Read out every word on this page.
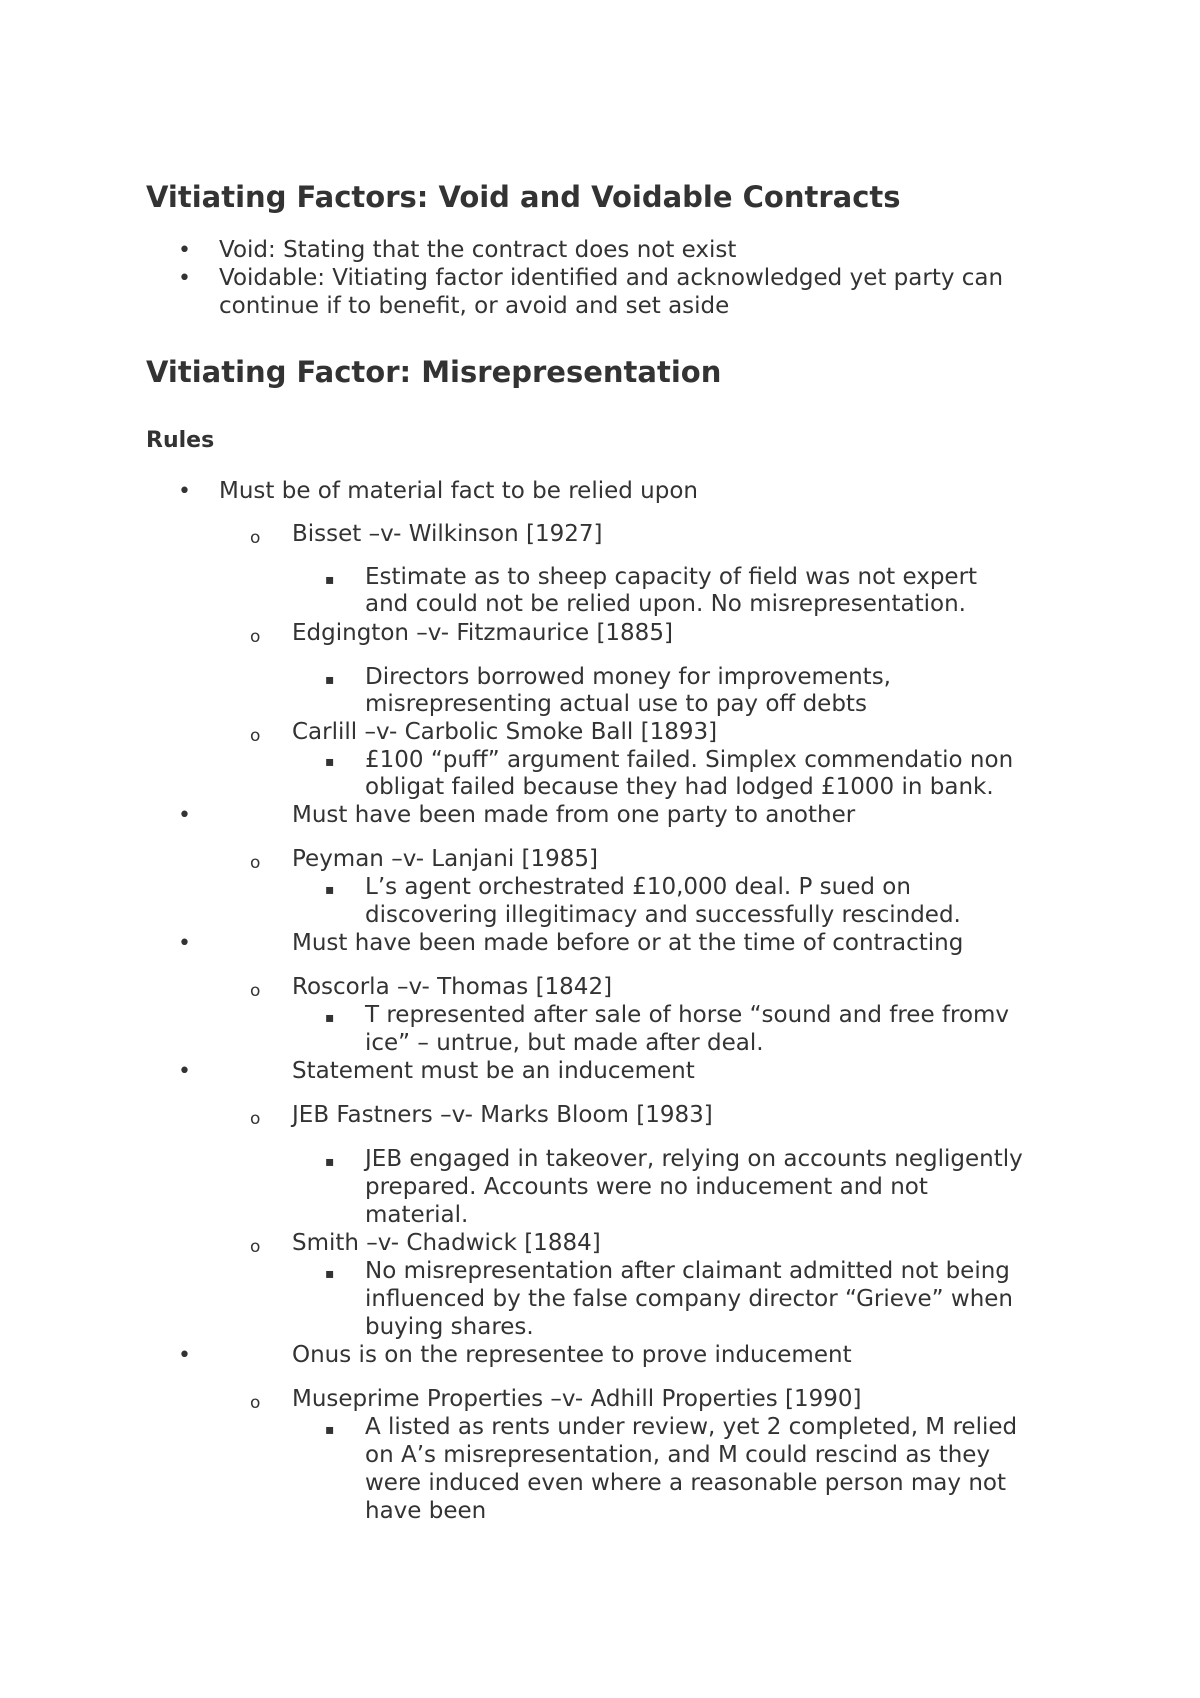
Vitiating Factors: Void and Voidable Contracts
• Void: Stating that the contract does not exist
• Voidable: Vitiating factor identified and acknowledged yet party can
continue if to benefit, or avoid and set aside
Vitiating Factor: Misrepresentation
Rules
• Must be of material fact to be relied upon
o Bisset –v- Wilkinson [1927]
▪ Estimate as to sheep capacity of field was not expert
and could not be relied upon. No misrepresentation.
o Edgington –v- Fitzmaurice [1885]
▪ Directors borrowed money for improvements,
misrepresenting actual use to pay off debts
o Carlill –v- Carbolic Smoke Ball [1893]
▪ £100 “puff” argument failed. Simplex commendatio non
obligat failed because they had lodged £1000 in bank.
•	Must have been made from one party to another
o Peyman –v- Lanjani [1985]
▪ L’s agent orchestrated £10,000 deal. P sued on
discovering illegitimacy and successfully rescinded.
•	Must have been made before or at the time of contracting
o Roscorla –v- Thomas [1842]
▪ T represented after sale of horse “sound and free fromv
ice” – untrue, but made after deal.
•	Statement must be an inducement
o JEB Fastners –v- Marks Bloom [1983]
▪ JEB engaged in takeover, relying on accounts negligently
prepared. Accounts were no inducement and not
material.
o Smith –v- Chadwick [1884]
▪ No misrepresentation after claimant admitted not being
influenced by the false company director “Grieve” when
buying shares.
•	Onus is on the representee to prove inducement
o Museprime Properties –v- Adhill Properties [1990]
▪ A listed as rents under review, yet 2 completed, M relied
on A’s misrepresentation, and M could rescind as they
were induced even where a reasonable person may not
have been
